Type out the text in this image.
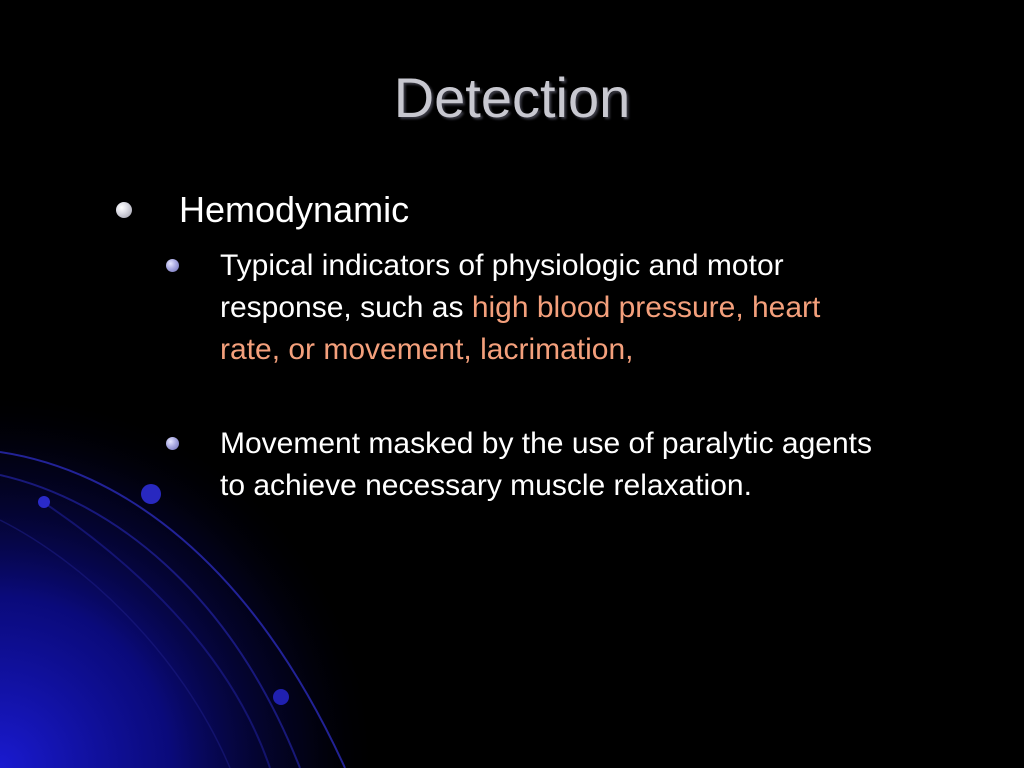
Detection
Hemodynamic
Typical indicators of physiologic and motor
response, such as high blood pressure, heart
rate, or movement, lacrimation,
Movement masked by the use of paralytic agents
to achieve necessary muscle relaxation.
